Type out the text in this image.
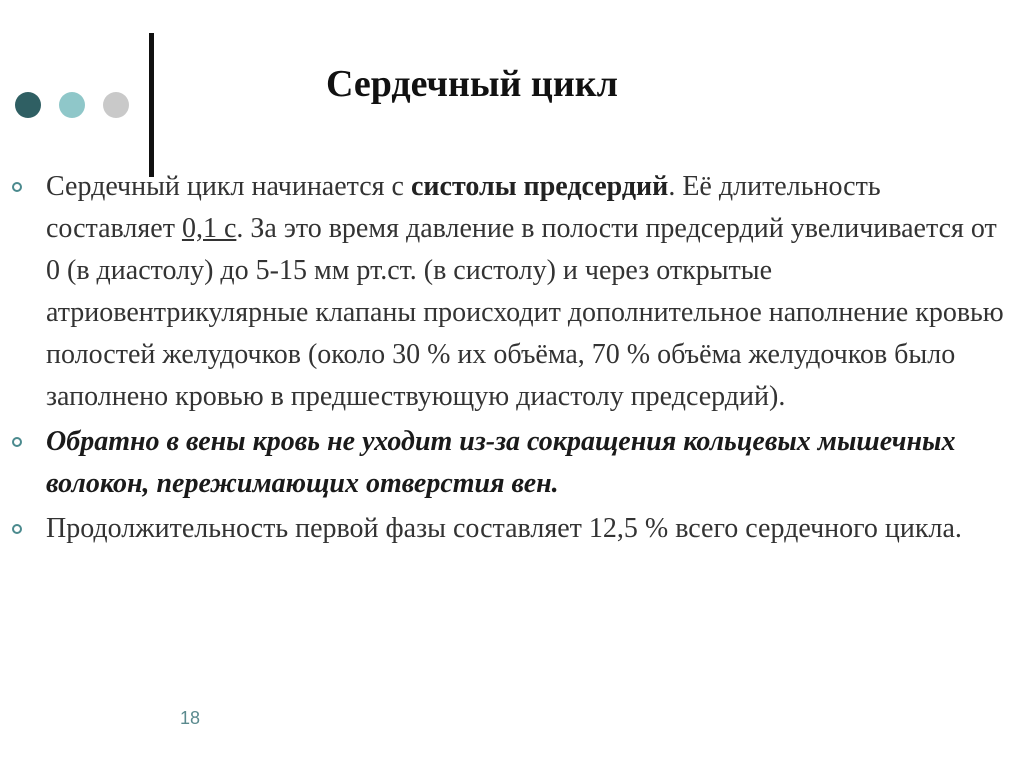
Сердечный цикл
Сердечный цикл начинается с систолы предсердий. Её длительность составляет 0,1 с. За это время давление в полости предсердий увеличивается от 0 (в диастолу) до 5-15 мм рт.ст. (в систолу) и через открытые атриовентрикулярные клапаны происходит дополнительное наполнение кровью полостей желудочков (около 30 % их объёма, 70 % объёма желудочков было заполнено кровью в предшествующую диастолу предсердий).
Обратно в вены кровь не уходит из-за сокращения кольцевых мышечных волокон, пережимающих отверстия вен.
Продолжительность первой фазы составляет 12,5 % всего сердечного цикла.
18
